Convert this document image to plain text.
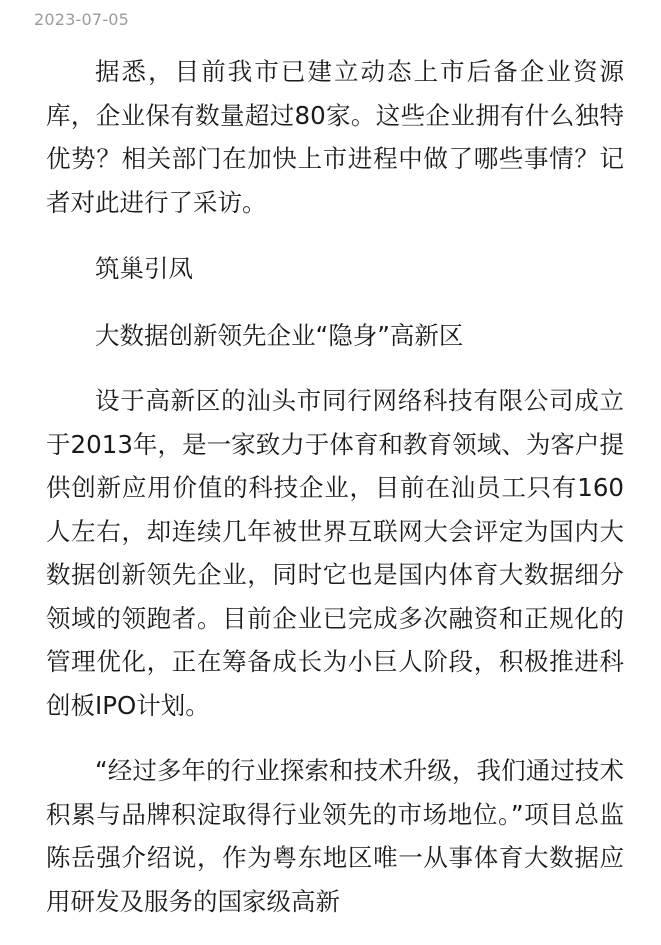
2023-07-05

据悉，目前我市已建立动态上市后备企业资源库，企业保有数量超过80家。这些企业拥有什么独特优势？相关部门在加快上市进程中做了哪些事情？记者对此进行了采访。

筑巢引凤

大数据创新领先企业“隐身”高新区

设于高新区的汕头市同行网络科技有限公司成立于2013年，是一家致力于体育和教育领域、为客户提供创新应用价值的科技企业，目前在汕员工只有160人左右，却连续几年被世界互联网大会评定为国内大数据创新领先企业，同时它也是国内体育大数据细分领域的领跑者。目前企业已完成多次融资和正规化的管理优化，正在筹备成长为小巨人阶段，积极推进科创板IPO计划。

“经过多年的行业探索和技术升级，我们通过技术积累与品牌积淀取得行业领先的市场地位。”项目总监陈岳强介绍说，作为粤东地区唯一从事体育大数据应用研发及服务的国家级高新
